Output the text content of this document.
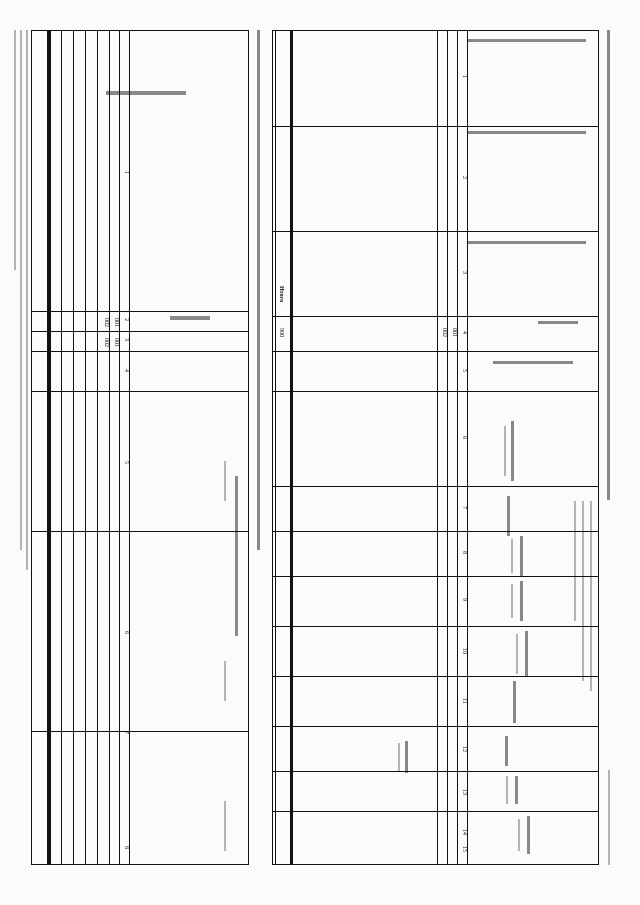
1
2
3
4
5
6
7
8
9
10
11
12
13
14
15
001
002
Итого
900
1
2
3
4
5
6
7
8
001
002
002 001
